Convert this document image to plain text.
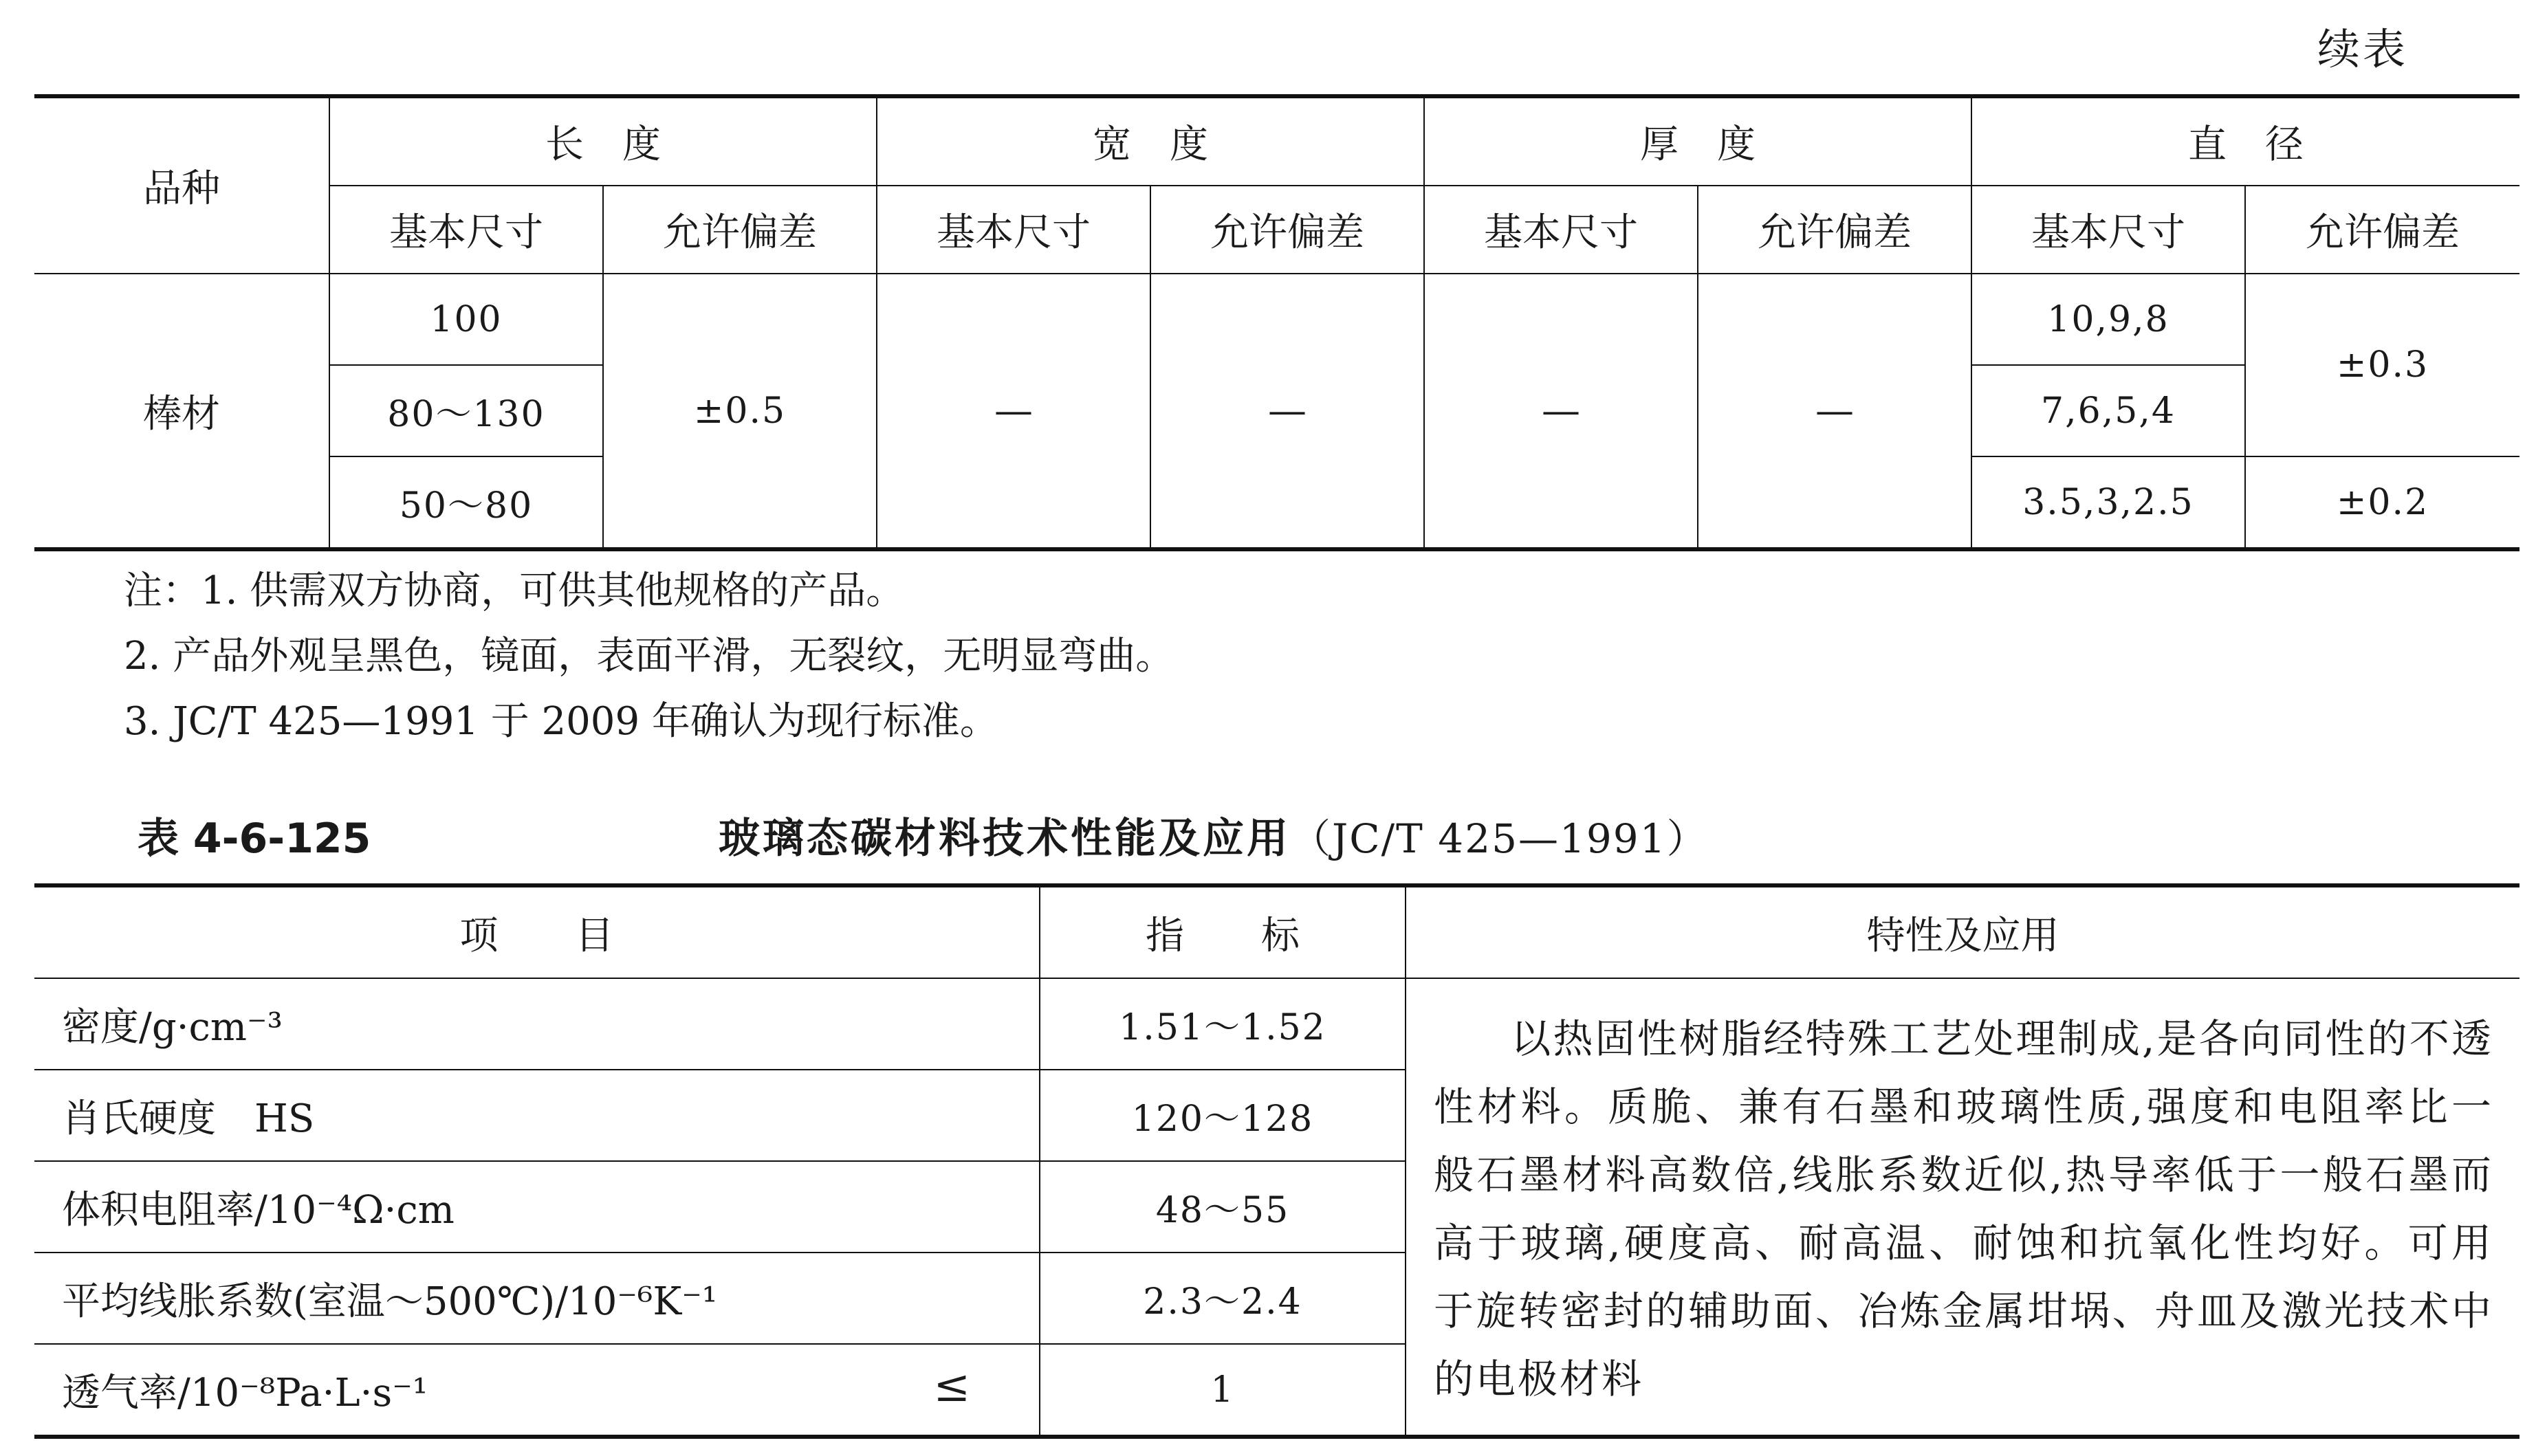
续表
品种	长　度		宽　度		厚　度		直　径	
	基本尺寸	允许偏差	基本尺寸	允许偏差	基本尺寸	允许偏差	基本尺寸	允许偏差
棒材	100	±0.5	—	—	—	—	10,9,8	±0.3
	80～130						7,6,5,4	
	50～80						3.5,3,2.5	±0.2
注：1. 供需双方协商，可供其他规格的产品。
2. 产品外观呈黑色，镜面，表面平滑，无裂纹，无明显弯曲。
3. JC/T 425—1991 于 2009 年确认为现行标准。
表 4-6-125	玻璃态碳材料技术性能及应用（JC/T 425—1991）
项　　目	指　　标	特性及应用
密度/g·cm⁻³	1.51～1.52	以热固性树脂经特殊工艺处理制成,是各向同性的不透性材料。质脆、兼有石墨和玻璃性质,强度和电阻率比一般石墨材料高数倍,线胀系数近似,热导率低于一般石墨而高于玻璃,硬度高、耐高温、耐蚀和抗氧化性均好。可用于旋转密封的辅助面、冶炼金属坩埚、舟皿及激光技术中的电极材料
肖氏硬度　HS	120～128	
体积电阻率/10⁻⁴Ω·cm	48～55	
平均线胀系数(室温～500℃)/10⁻⁶K⁻¹	2.3～2.4	
透气率/10⁻⁸Pa·L·s⁻¹ ≤	1	
